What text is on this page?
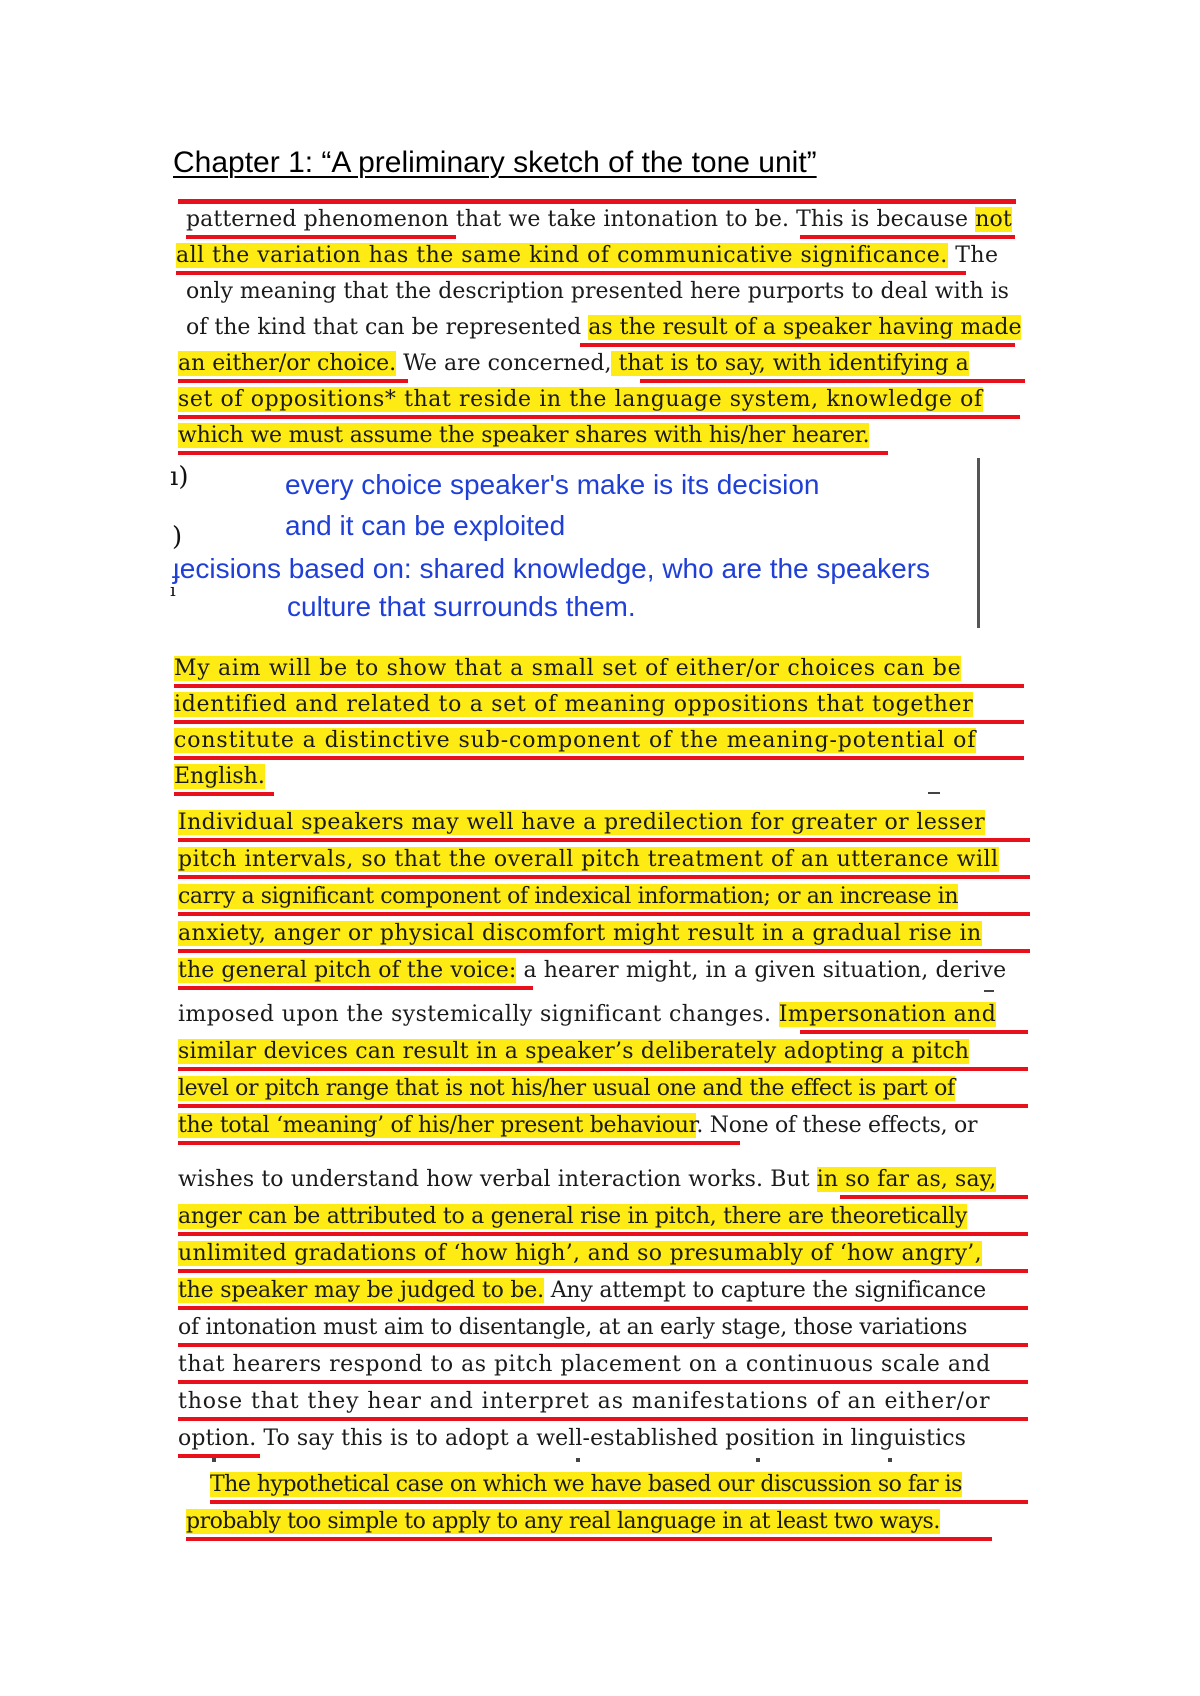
Chapter 1: “A preliminary sketch of the tone unit”
patterned phenomenon that we take intonation to be. This is because not
all the variation has the same kind of communicative significance. The
only meaning that the description presented here purports to deal with is
of the kind that can be represented as the result of a speaker having made
an either/or choice. We are concerned, that is to say, with identifying a
set of oppositions* that reside in the language system, knowledge of
which we must assume the speaker shares with his/her hearer.
ı)
)
ı
every choice speaker's make is its decision
and it can be exploited
ɟecisions based on: shared knowledge, who are the speakers
culture that surrounds them.
My aim will be to show that a small set of either/or choices can be
identified and related to a set of meaning oppositions that together
constitute a distinctive sub-component of the meaning-potential of
English.
Individual speakers may well have a predilection for greater or lesser
pitch intervals, so that the overall pitch treatment of an utterance will
carry a significant component of indexical information; or an increase in
anxiety, anger or physical discomfort might result in a gradual rise in
the general pitch of the voice: a hearer might, in a given situation, derive
imposed upon the systemically significant changes. Impersonation and
similar devices can result in a speaker’s deliberately adopting a pitch
level or pitch range that is not his/her usual one and the effect is part of
the total ‘meaning’ of his/her present behaviour. None of these effects, or
wishes to understand how verbal interaction works. But in so far as, say,
anger can be attributed to a general rise in pitch, there are theoretically
unlimited gradations of ‘how high’, and so presumably of ‘how angry’,
the speaker may be judged to be. Any attempt to capture the significance
of intonation must aim to disentangle, at an early stage, those variations
that hearers respond to as pitch placement on a continuous scale and
those that they hear and interpret as manifestations of an either/or
option. To say this is to adopt a well-established position in linguistics
The hypothetical case on which we have based our discussion so far is
probably too simple to apply to any real language in at least two ways.
